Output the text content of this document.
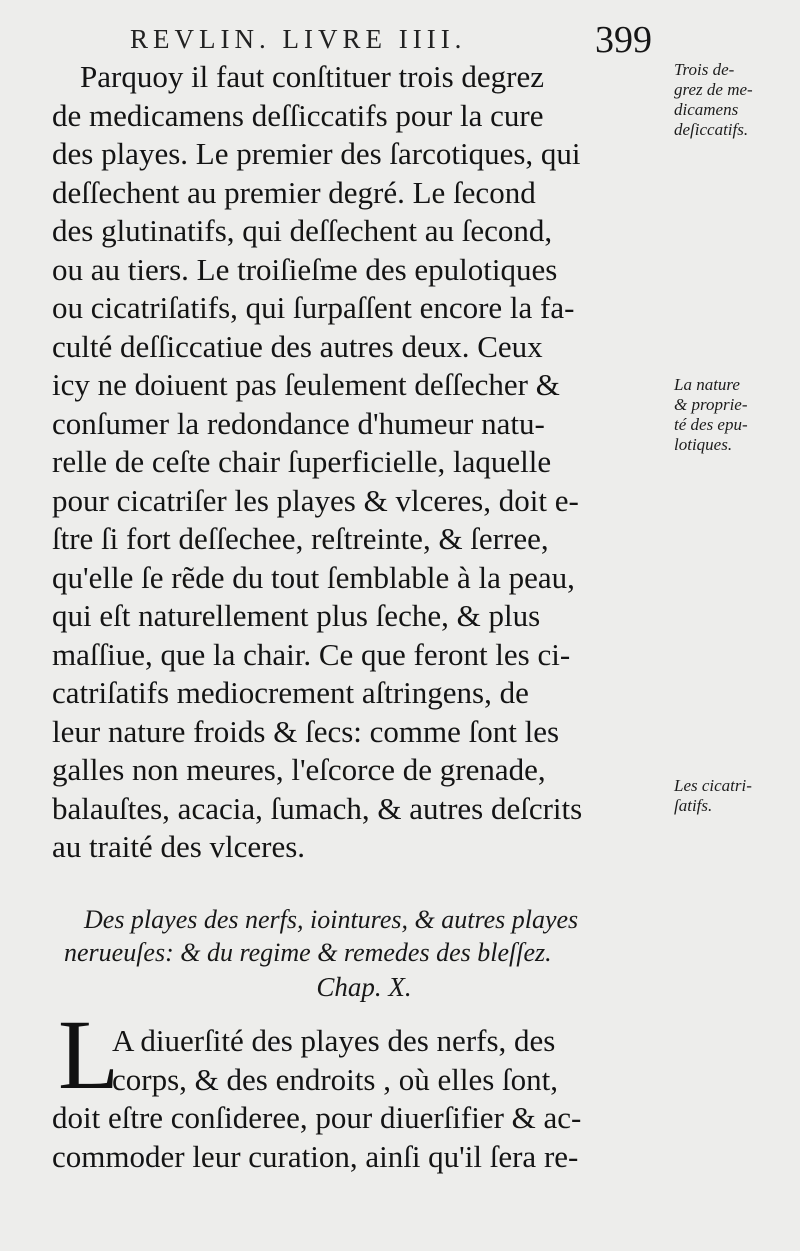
REVLIN. LIVRE IIII.	399
Parquoy il faut conſtituer trois degrez
de medicamens deſſiccatifs pour la cure
des playes. Le premier des ſarcotiques, qui
deſſechent au premier degré. Le ſecond
des glutinatifs, qui deſſechent au ſecond,
ou au tiers. Le troiſieſme des epulotiques
ou cicatriſatifs, qui ſurpaſſent encore la fa-
culté deſſiccatiue des autres deux. Ceux
icy ne doiuent pas ſeulement deſſecher &
conſumer la redondance d'humeur natu-
relle de ceſte chair ſuperficielle, laquelle
pour cicatriſer les playes & vlceres, doit e-
ſtre ſi fort deſſechee, reſtreinte, & ſerree,
qu'elle ſe rẽde du tout ſemblable à la peau,
qui eſt naturellement plus ſeche, & plus
maſſiue, que la chair. Ce que feront les ci-
catriſatifs mediocrement aſtringens, de
leur nature froids & ſecs: comme ſont les
galles non meures, l'eſcorce de grenade,
balauſtes, acacia, ſumach, & autres deſcrits
au traité des vlceres.
Des playes des nerfs, iointures, & autres playes
nerueuſes: & du regime & remedes des bleſſez.
Chap. X.
L
A diuerſité des playes des nerfs, des
corps, & des endroits , où elles ſont,
doit eſtre conſideree, pour diuerſifier & ac-
commoder leur curation, ainſi qu'il ſera re-
Trois de-
grez de me-
dicamens
deſiccatifs.
La nature
& proprie-
té des epu-
lotiques.
Les cicatri-
ſatifs.
